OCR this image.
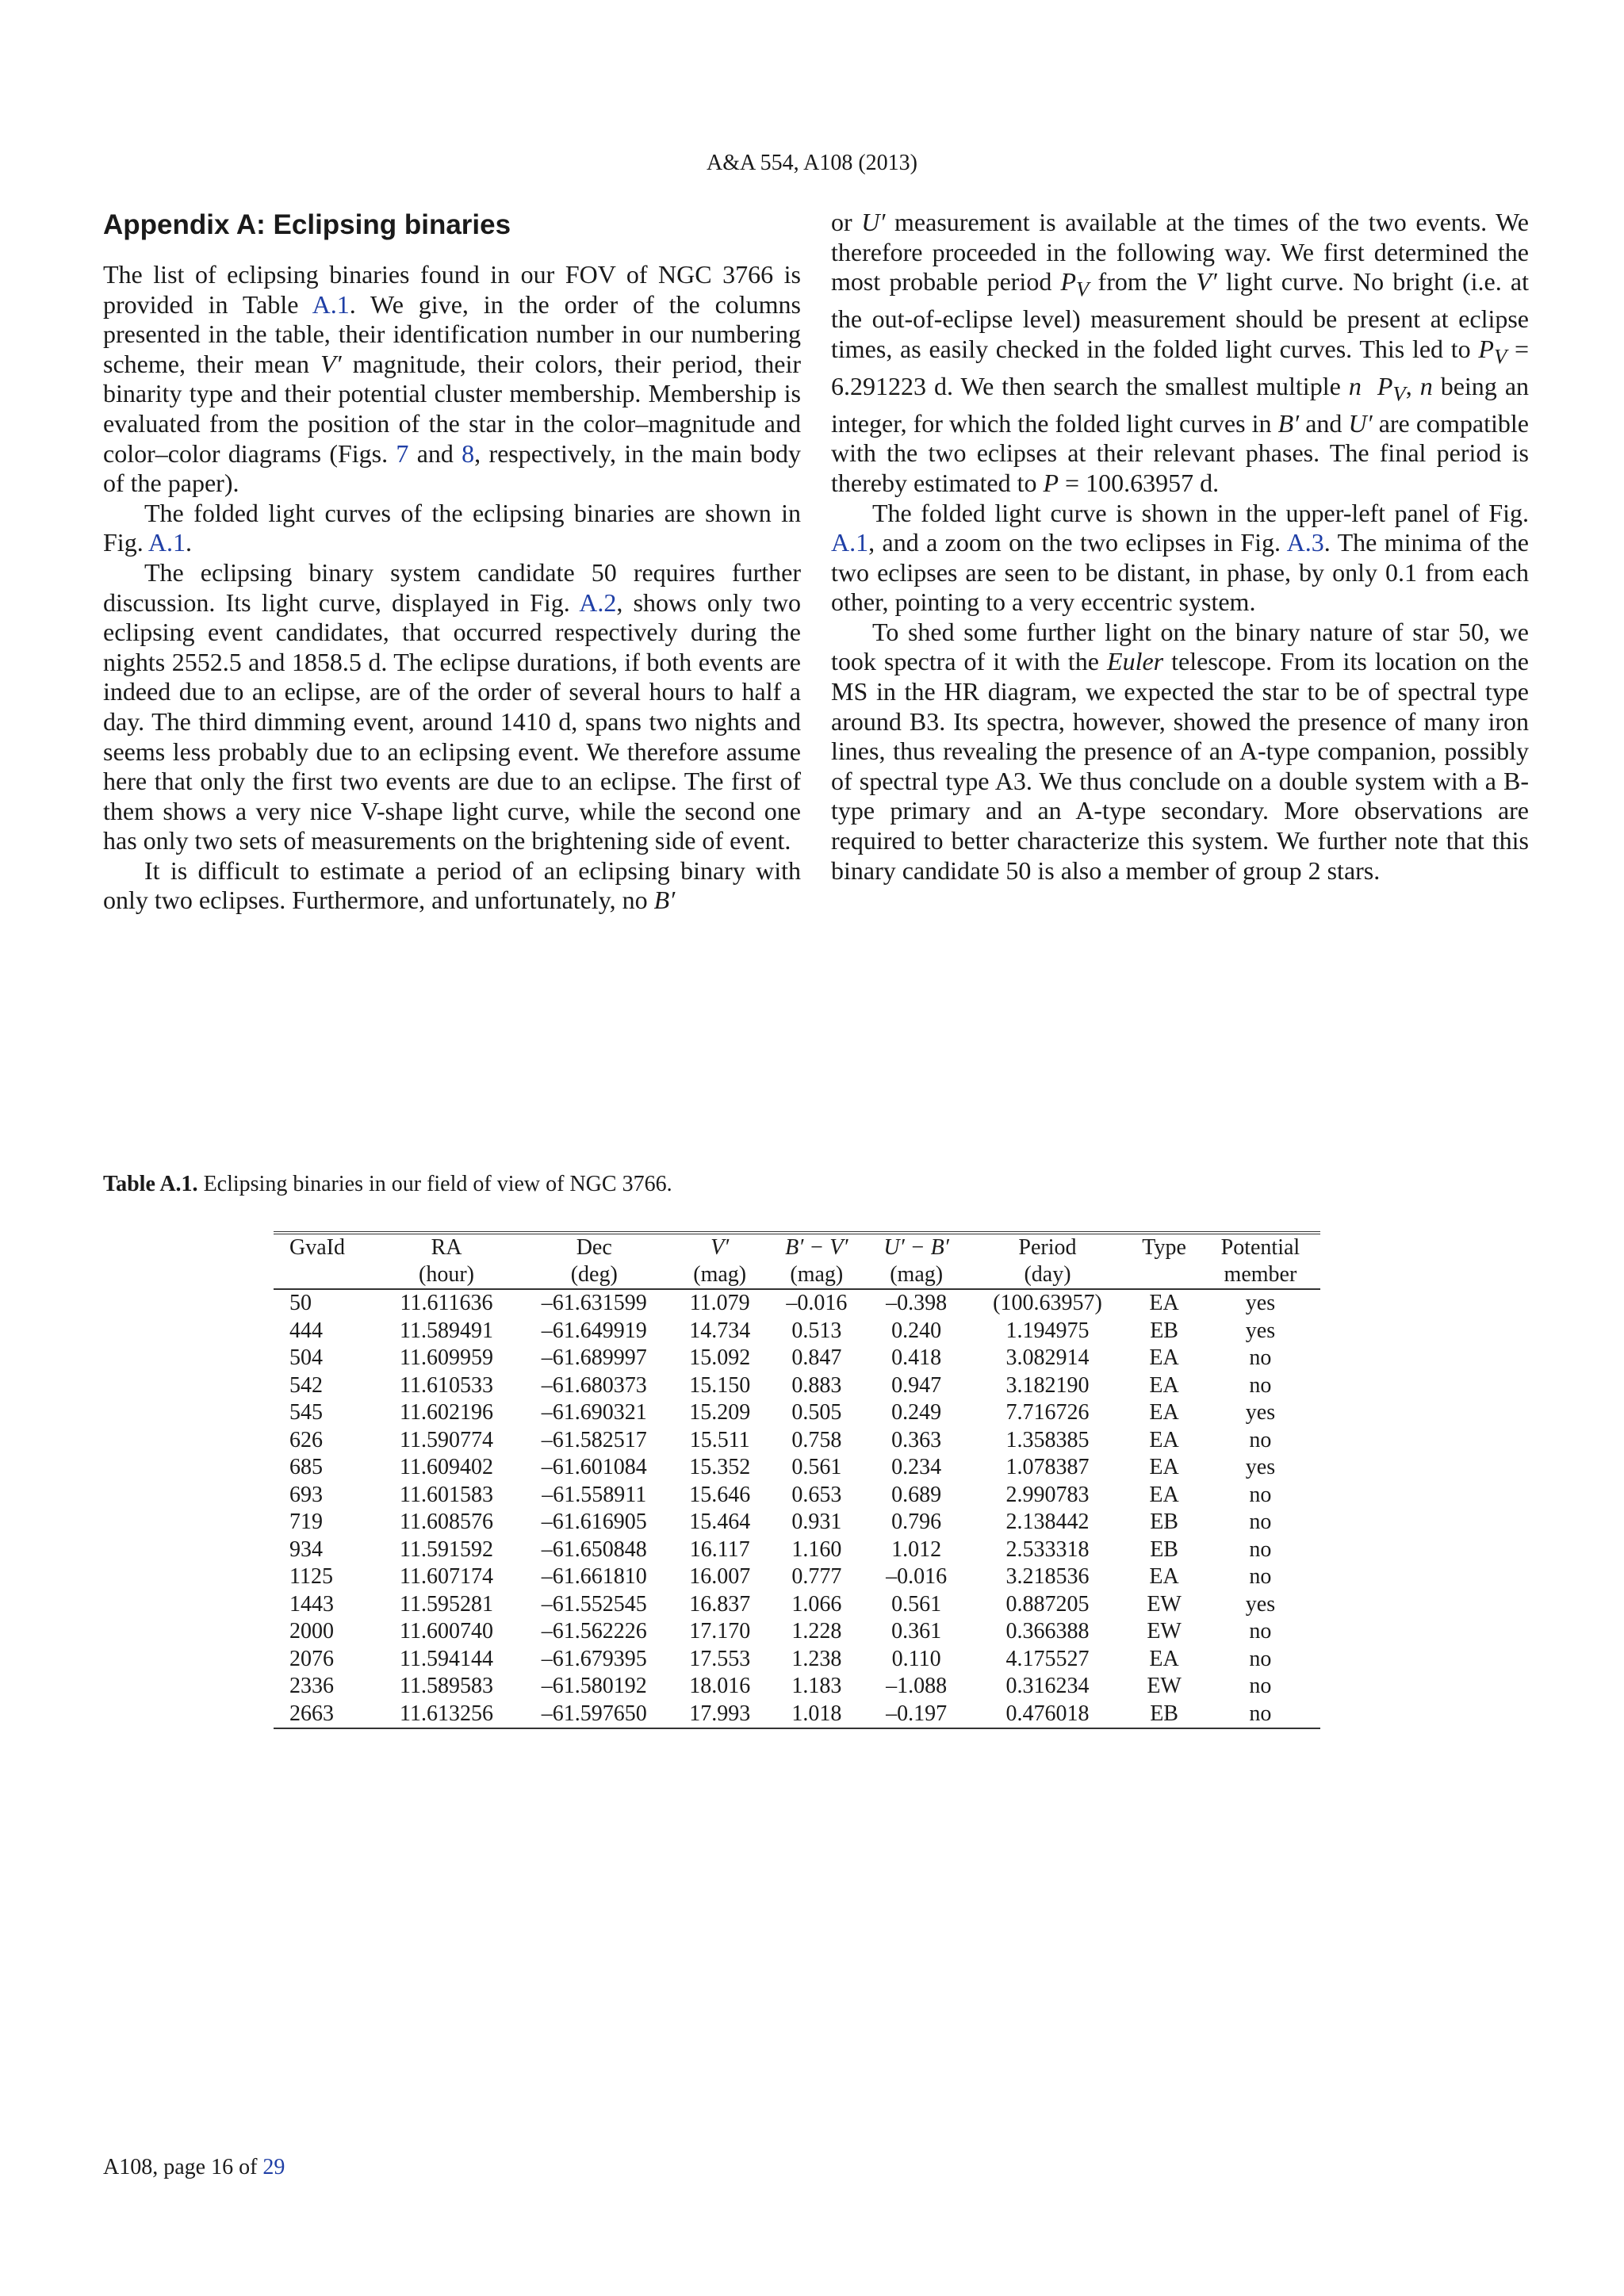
A&A 554, A108 (2013)
Appendix A: Eclipsing binaries

The list of eclipsing binaries found in our FOV of NGC 3766 is provided in Table A.1. We give, in the order of the columns presented in the table, their identification number in our numbering scheme, their mean V′ magnitude, their colors, their period, their binarity type and their potential cluster membership. Membership is evaluated from the position of the star in the color–magnitude and color–color diagrams (Figs. 7 and 8, respectively, in the main body of the paper).

The folded light curves of the eclipsing binaries are shown in Fig. A.1.

The eclipsing binary system candidate 50 requires further discussion. Its light curve, displayed in Fig. A.2, shows only two eclipsing event candidates, that occurred respectively during the nights 2552.5 and 1858.5 d. The eclipse durations, if both events are indeed due to an eclipse, are of the order of several hours to half a day. The third dimming event, around 1410 d, spans two nights and seems less probably due to an eclipsing event. We therefore assume here that only the first two events are due to an eclipse. The first of them shows a very nice V-shape light curve, while the second one has only two sets of measurements on the brightening side of event.

It is difficult to estimate a period of an eclipsing binary with only two eclipses. Furthermore, and unfortunately, no B′

or U′ measurement is available at the times of the two events. We therefore proceeded in the following way. We first determined the most probable period $P_V$ from the V′ light curve. No bright (i.e. at the out-of-eclipse level) measurement should be present at eclipse times, as easily checked in the folded light curves. This led to $P_V = 6.291223$ d. We then search the smallest multiple n $P_V$, n being an integer, for which the folded light curves in B′ and U′ are compatible with the two eclipses at their relevant phases. The final period is thereby estimated to P = 100.63957 d.

The folded light curve is shown in the upper-left panel of Fig. A.1, and a zoom on the two eclipses in Fig. A.3. The minima of the two eclipses are seen to be distant, in phase, by only 0.1 from each other, pointing to a very eccentric system.

To shed some further light on the binary nature of star 50, we took spectra of it with the Euler telescope. From its location on the MS in the HR diagram, we expected the star to be of spectral type around B3. Its spectra, however, showed the presence of many iron lines, thus revealing the presence of an A-type companion, possibly of spectral type A3. We thus conclude on a double system with a B-type primary and an A-type secondary. More observations are required to better characterize this system. We further note that this binary candidate 50 is also a member of group 2 stars.

Table A.1. Eclipsing binaries in our field of view of NGC 3766.

GvaId	RA	Dec	V′	B′ − V′	U′ − B′	Period	Type	Potential
	(hour)	(deg)	(mag)	(mag)	(mag)	(day)		member
50	11.611636	–61.631599	11.079	–0.016	–0.398	(100.63957)	EA	yes
444	11.589491	–61.649919	14.734	0.513	0.240	1.194975	EB	yes
504	11.609959	–61.689997	15.092	0.847	0.418	3.082914	EA	no
542	11.610533	–61.680373	15.150	0.883	0.947	3.182190	EA	no
545	11.602196	–61.690321	15.209	0.505	0.249	7.716726	EA	yes
626	11.590774	–61.582517	15.511	0.758	0.363	1.358385	EA	no
685	11.609402	–61.601084	15.352	0.561	0.234	1.078387	EA	yes
693	11.601583	–61.558911	15.646	0.653	0.689	2.990783	EA	no
719	11.608576	–61.616905	15.464	0.931	0.796	2.138442	EB	no
934	11.591592	–61.650848	16.117	1.160	1.012	2.533318	EB	no
1125	11.607174	–61.661810	16.007	0.777	–0.016	3.218536	EA	no
1443	11.595281	–61.552545	16.837	1.066	0.561	0.887205	EW	yes
2000	11.600740	–61.562226	17.170	1.228	0.361	0.366388	EW	no
2076	11.594144	–61.679395	17.553	1.238	0.110	4.175527	EA	no
2336	11.589583	–61.580192	18.016	1.183	–1.088	0.316234	EW	no
2663	11.613256	–61.597650	17.993	1.018	–0.197	0.476018	EB	no
A108, page 16 of 29
